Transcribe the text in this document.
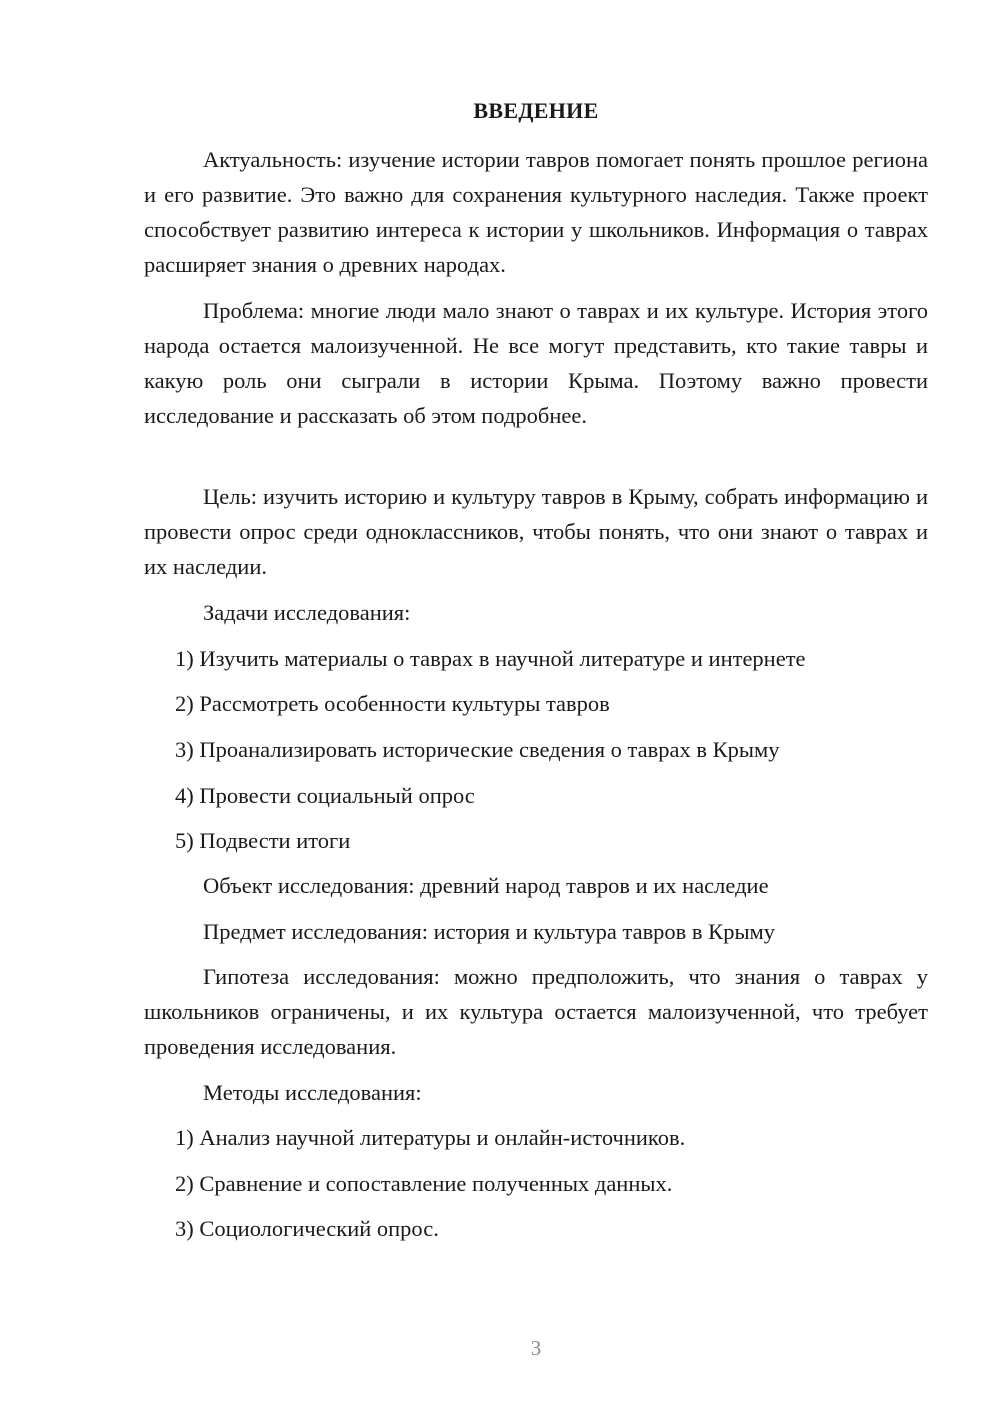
ВВЕДЕНИЕ

Актуальность: изучение истории тавров помогает понять прошлое региона и его развитие. Это важно для сохранения культурного наследия. Также проект способствует развитию интереса к истории у школьников. Информация о таврах расширяет знания о древних народах.

Проблема: многие люди мало знают о таврах и их культуре. История этого народа остается малоизученной. Не все могут представить, кто такие тавры и какую роль они сыграли в истории Крыма. Поэтому важно провести исследование и рассказать об этом подробнее.

Цель: изучить историю и культуру тавров в Крыму, собрать информацию и провести опрос среди одноклассников, чтобы понять, что они знают о таврах и их наследии.

Задачи исследования:

1) Изучить материалы о таврах в научной литературе и интернете

2) Рассмотреть особенности культуры тавров

3) Проанализировать исторические сведения о таврах в Крыму

4) Провести социальный опрос

5) Подвести итоги

Объект исследования: древний народ тавров и их наследие

Предмет исследования: история и культура тавров в Крыму

Гипотеза исследования: можно предположить, что знания о таврах у школьников ограничены, и их культура остается малоизученной, что требует проведения исследования.

Методы исследования:

1) Анализ научной литературы и онлайн-источников.

2) Сравнение и сопоставление полученных данных.

3) Социологический опрос.

3
